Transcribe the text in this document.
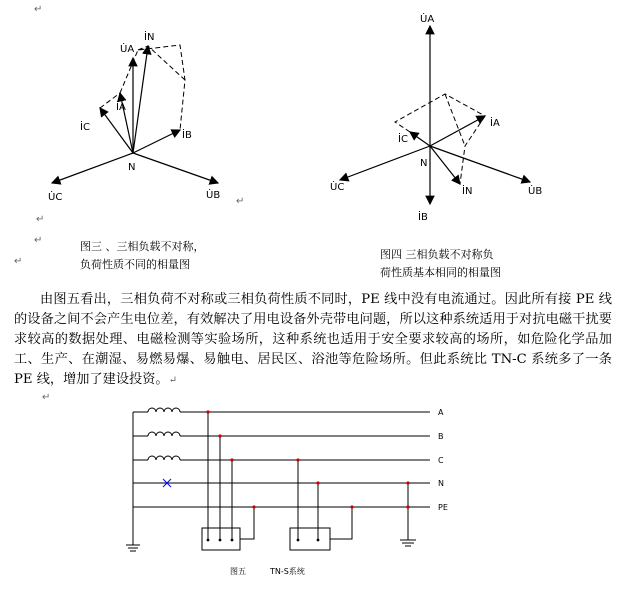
↵
↵
↵
↵
↵
↵
U̇A
İN
İA
İC
İB
N
U̇C	U̇B
图三 、三相负载不对称，
负荷性质不同的相量图
U̇A
İA
İC
N
İN
U̇C	U̇B
İB
图四 三相负载不对称负
荷性质基本相同的相量图
由图五看出，三相负荷不对称或三相负荷性质不同时，PE 线中没有电流通过。因此所有接 PE 线的设备之间不会产生电位差，有效解决了用电设备外壳带电问题，所以这种系统适用于对抗电磁干扰要求较高的数据处理、电磁检测等实验场所，这种系统也适用于安全要求较高的场所，如危险化学品加工、生产、在潮湿、易燃易爆、易触电、居民区、浴池等危险场所。但此系统比 TN-C 系统多了一条 PE 线，增加了建设投资。↵
A
B
C
N
PE
图五	TN-S系统
